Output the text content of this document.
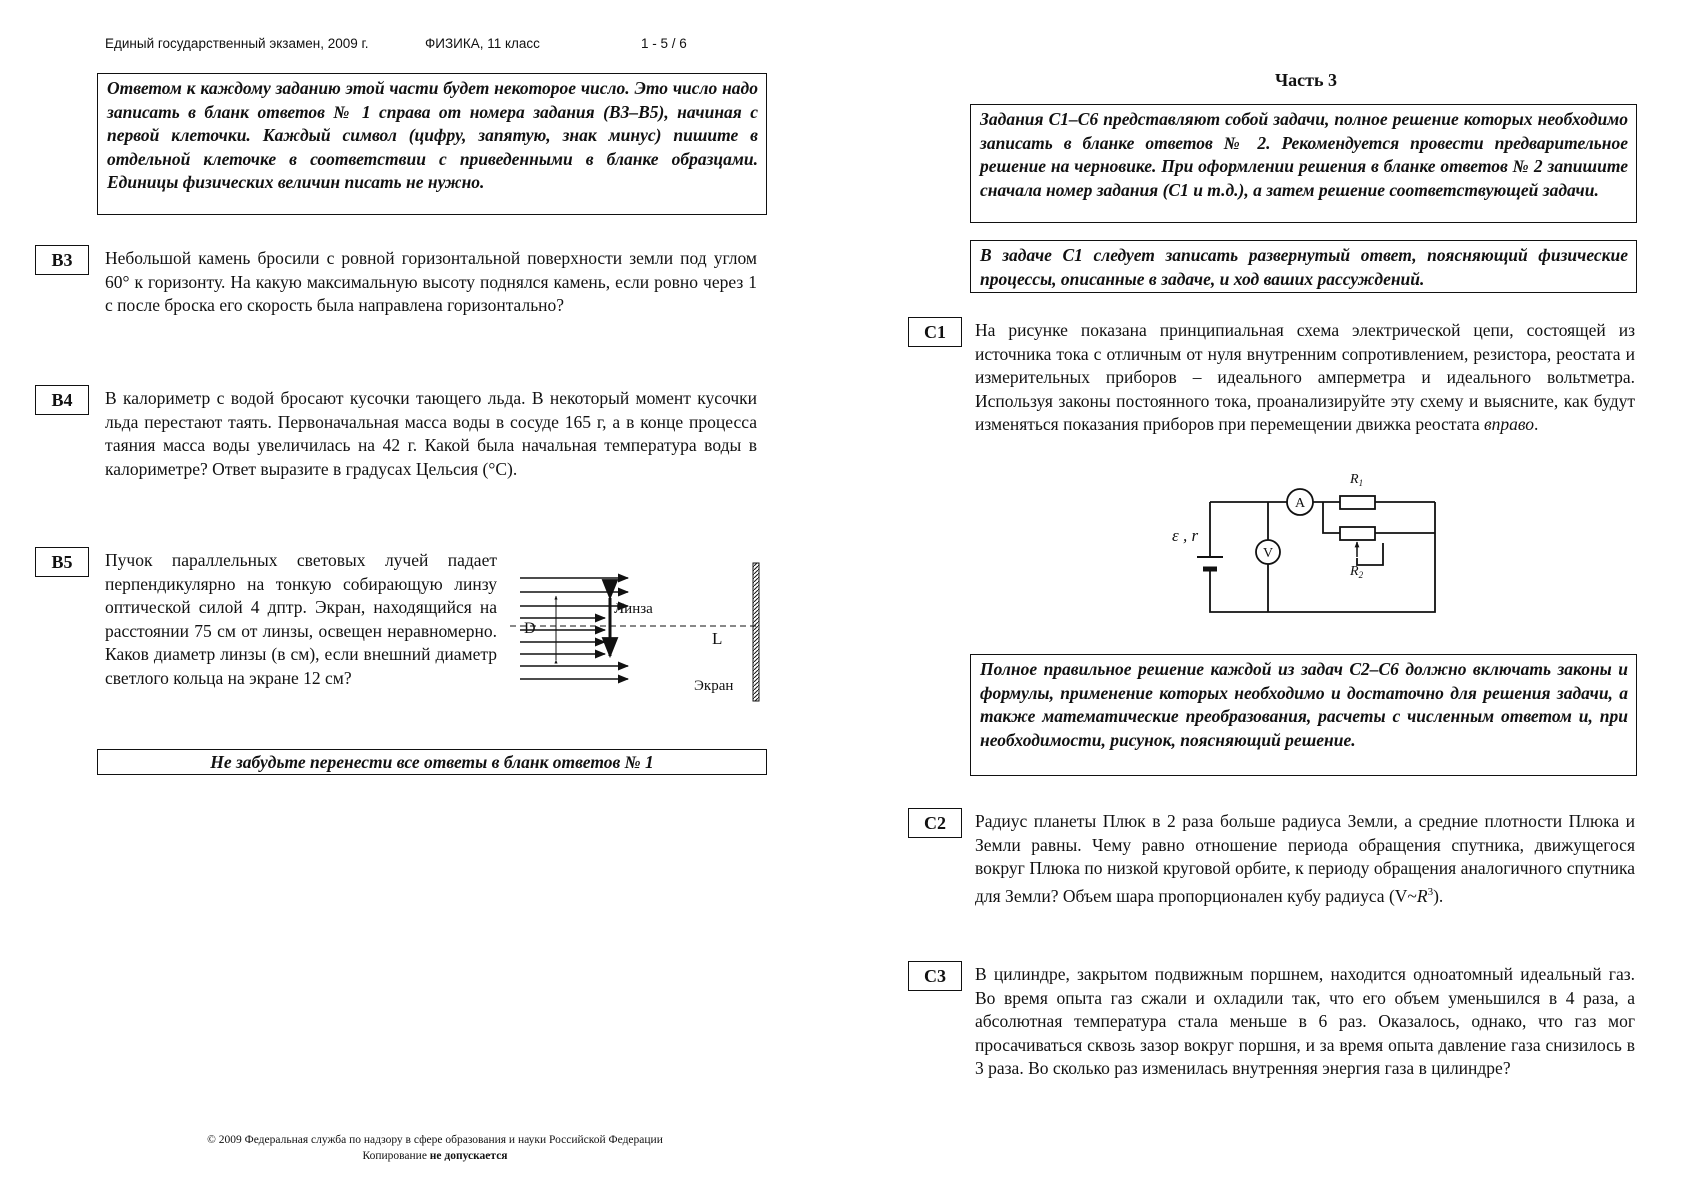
Единый государственный экзамен, 2009 г.	ФИЗИКА, 11 класс	1 - 5 / 6
Ответом к каждому заданию этой части будет некоторое число. Это число надо записать в бланк ответов № 1 справа от номера задания (В3–В5), начиная с первой клеточки. Каждый символ (цифру, запятую, знак минус) пишите в отдельной клеточке в соответствии с приведенными в бланке образцами. Единицы физических величин писать не нужно.
В3	Небольшой камень бросили с ровной горизонтальной поверхности земли под углом 60° к горизонту. На какую максимальную высоту поднялся камень, если ровно через 1 с после броска его скорость была направлена горизонтально?
В4	В калориметр с водой бросают кусочки тающего льда. В некоторый момент кусочки льда перестают таять. Первоначальная масса воды в сосуде 165 г, а в конце процесса таяния масса воды увеличилась на 42 г. Какой была начальная температура воды в калориметре? Ответ выразите в градусах Цельсия (°С).
В5	Пучок параллельных световых лучей падает перпендикулярно на тонкую собирающую линзу оптической силой 4 дптр. Экран, находящийся на расстоянии 75 см от линзы, освещен неравномерно. Каков диаметр линзы (в см), если внешний диаметр светлого кольца на экране 12 см?
Линза
D
L
Экран
Не забудьте перенести все ответы в бланк ответов № 1
© 2009 Федеральная служба по надзору в сфере образования и науки Российской Федерации
Копирование не допускается
Часть 3
Задания С1–С6 представляют собой задачи, полное решение которых необходимо записать в бланке ответов № 2. Рекомендуется провести предварительное решение на черновике. При оформлении решения в бланке ответов № 2 запишите сначала номер задания (С1 и т.д.), а затем решение соответствующей задачи.
В задаче С1 следует записать развернутый ответ, поясняющий физические процессы, описанные в задаче, и ход ваших рассуждений.
С1	На рисунке показана принципиальная схема электрической цепи, состоящей из источника тока с отличным от нуля внутренним сопротивлением, резистора, реостата и измерительных приборов – идеального амперметра и идеального вольтметра. Используя законы постоянного тока, проанализируйте эту схему и выясните, как будут изменяться показания приборов при перемещении движка реостата вправо.
A
V
ε , r
$R_1$
$R_2$
Полное правильное решение каждой из задач С2–С6 должно включать законы и формулы, применение которых необходимо и достаточно для решения задачи, а также математические преобразования, расчеты с численным ответом и, при необходимости, рисунок, поясняющий решение.
С2	Радиус планеты Плюк в 2 раза больше радиуса Земли, а средние плотности Плюка и Земли равны. Чему равно отношение периода обращения спутника, движущегося вокруг Плюка по низкой круговой орбите, к периоду обращения аналогичного спутника для Земли? Объем шара пропорционален кубу радиуса $(V\sim R^3)$.
С3	В цилиндре, закрытом подвижным поршнем, находится одноатомный идеальный газ. Во время опыта газ сжали и охладили так, что его объем уменьшился в 4 раза, а абсолютная температура стала меньше в 6 раз. Оказалось, однако, что газ мог просачиваться сквозь зазор вокруг поршня, и за время опыта давление газа снизилось в 3 раза. Во сколько раз изменилась внутренняя энергия газа в цилиндре?
